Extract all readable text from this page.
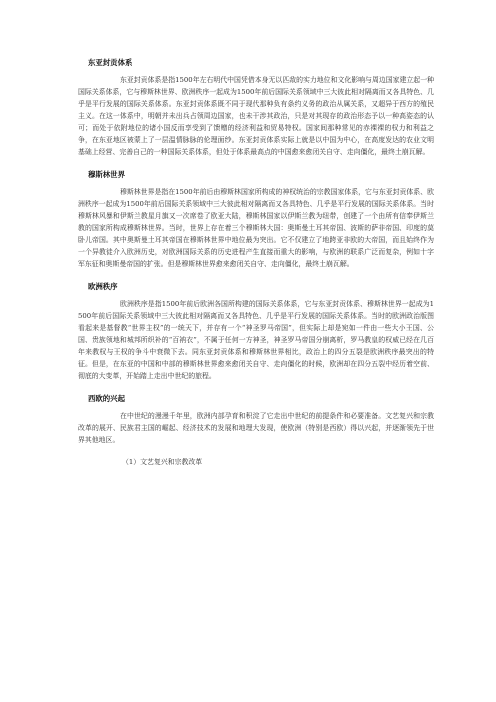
东亚封贡体系

东亚封贡体系是指1500年左右明代中国凭借本身无以匹敌的实力地位和文化影响与周边国家建立起一种国际关系体系，它与穆斯林世界、欧洲秩序一起成为1500年前后国际关系领域中三大彼此相对隔离而又各具特色、几乎是平行发展的国际关系体系。东亚封贡体系既不同于现代那种负有条约义务的政治从属关系，又超异于西方的殖民主义。在这一体系中，明朝并未出兵占领周边国家，也未干涉其政治，只是对其现存的政治形态予以一种高姿态的认可；而处于依附地位的诸小国反而享受到了馈赠的经济利益和贸易特权。国家间那种常见的赤裸裸的权力和利益之争，在东亚地区被蒙上了一层温情脉脉的伦理面纱。东亚封贡体系实际上就是以中国为中心，在高度发达的农业文明基础上经营、完善自己的一种国际关系体系，但处于体系最高点的中国愈来愈闭关自守、走向僵化，最终土崩瓦解。

穆斯林世界

穆斯林世界是指在1500年前后由穆斯林国家所构成的神权统治的宗教国家体系，它与东亚封贡体系、欧洲秩序一起成为1500年前后国际关系领域中三大彼此相对隔离而又各具特色、几乎是平行发展的国际关系体系。当时穆斯林风暴和伊斯兰教星月旗又一次席卷了欧亚大陆，穆斯林国家以伊斯兰教为纽带，创建了一个由所有信奉伊斯兰教的国家所构成穆斯林世界。当时，世界上存在着三个穆斯林大国：奥斯曼土耳其帝国、波斯的萨非帝国、印度的莫卧儿帝国。其中奥斯曼土耳其帝国在穆斯林世界中地位最为突出。它不仅建立了地跨亚非欧的大帝国，而且始终作为一个异教徒介入欧洲历史，对欧洲国际关系的历史进程产生直接而重大的影响，与欧洲的联系广泛而复杂，例如十字军东征和奥斯曼帝国的扩张。但是穆斯林世界愈来愈闭关自守、走向僵化，最终土崩瓦解。

欧洲秩序

欧洲秩序是指1500年前后欧洲各国所构建的国际关系体系，它与东亚封贡体系、穆斯林世界一起成为1500年前后国际关系领域中三大彼此相对隔离而又各具特色、几乎是平行发展的国际关系体系。当时的欧洲政治版图看起来是基督教“世界主权”的一统天下，并存有一个“神圣罗马帝国”，但实际上却是宛如一件由一些大小王国、公国、贵族领地和城邦所织补的“百衲衣”，不属于任何一方神圣，神圣罗马帝国分崩离析，罗马教皇的权威已经在几百年来教权与王权的争斗中衰微下去。同东亚封贡体系和穆斯林世界相比，政治上的四分五裂是欧洲秩序最突出的特征。但是，在东亚的中国和中部的穆斯林世界愈来愈闭关自守、走向僵化的时候，欧洲却在四分五裂中经历着空前、彻底的大变革，开始踏上走出中世纪的旅程。

西欧的兴起

在中世纪的漫漫千年里，欧洲内部孕育和积淀了它走出中世纪的前提条件和必要准备。文艺复兴和宗教改革的展开、民族君主国的崛起、经济技术的发展和地理大发现，使欧洲（特别是西欧）得以兴起，并逐渐领先于世界其他地区。

（1）文艺复兴和宗教改革
